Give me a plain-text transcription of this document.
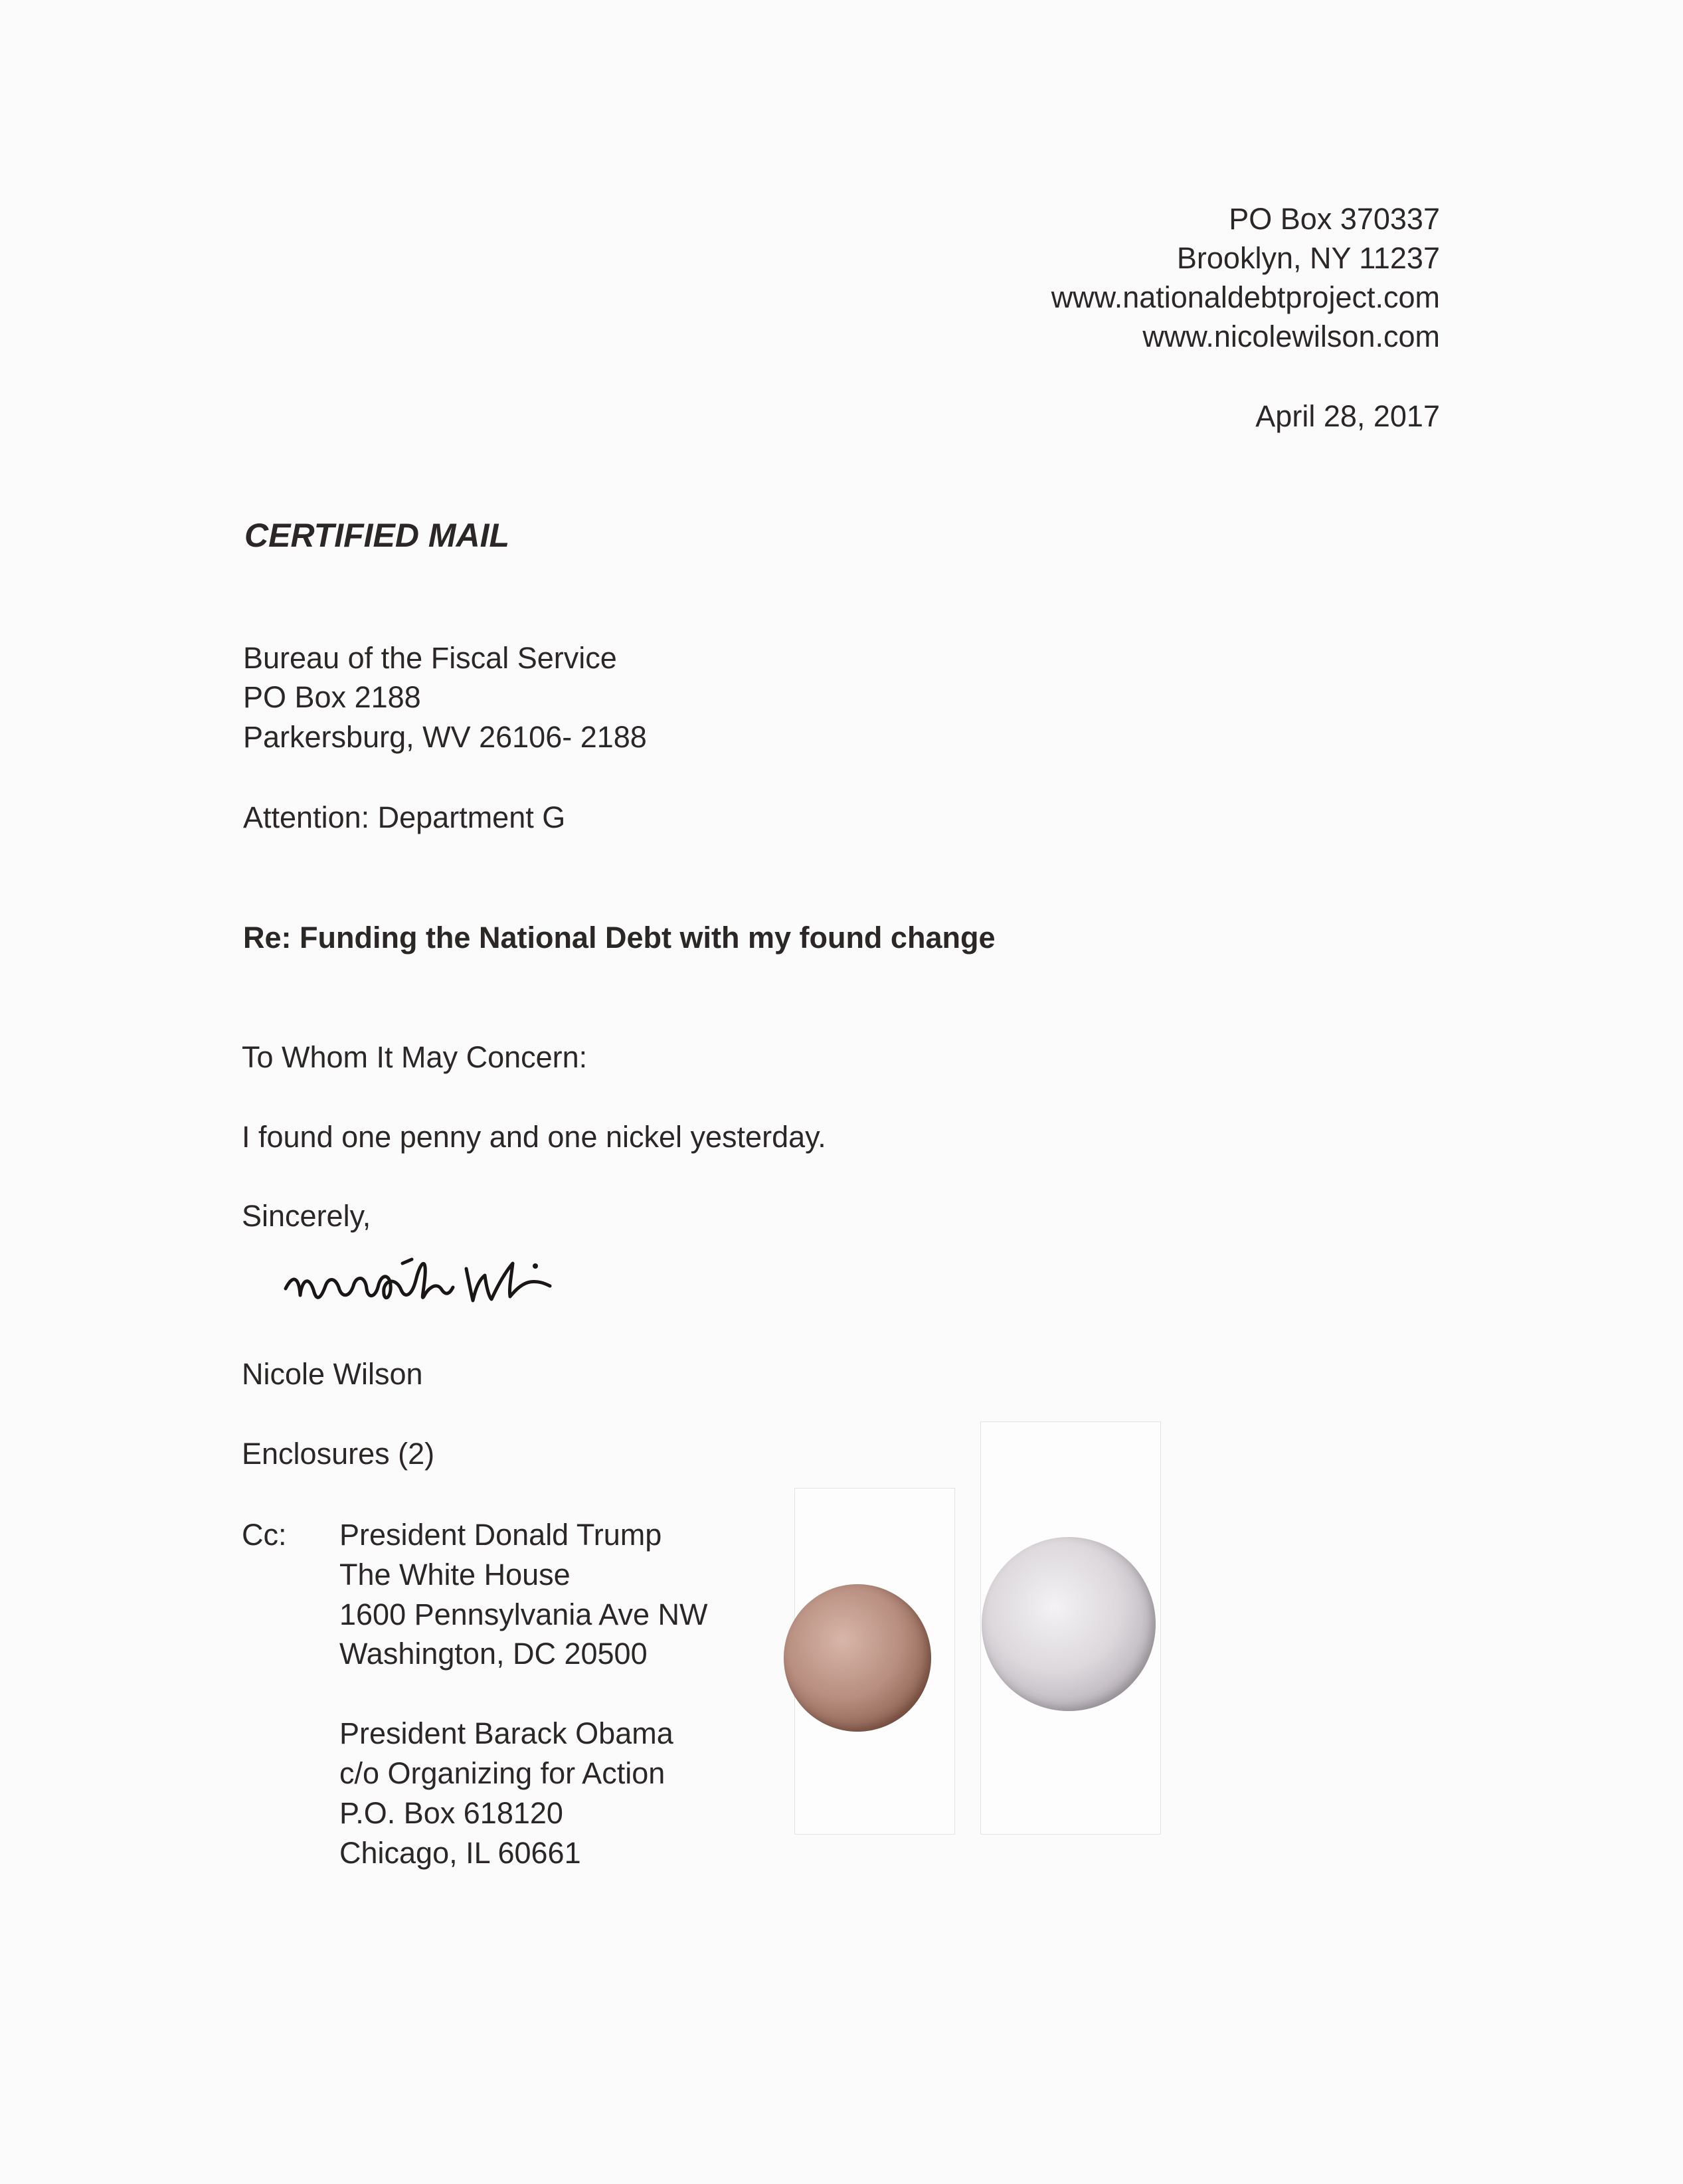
PO Box 370337
Brooklyn, NY 11237
www.nationaldebtproject.com
www.nicolewilson.com
April 28, 2017
CERTIFIED MAIL
Bureau of the Fiscal Service
PO Box 2188
Parkersburg, WV 26106- 2188
Attention: Department G
Re: Funding the National Debt with my found change
To Whom It May Concern:
I found one penny and one nickel yesterday.
Sincerely,
Nicole Wilson
Enclosures (2)
Cc: President Donald Trump
The White House
1600 Pennsylvania Ave NW
Washington, DC 20500
President Barack Obama
c/o Organizing for Action
P.O. Box 618120
Chicago, IL 60661
